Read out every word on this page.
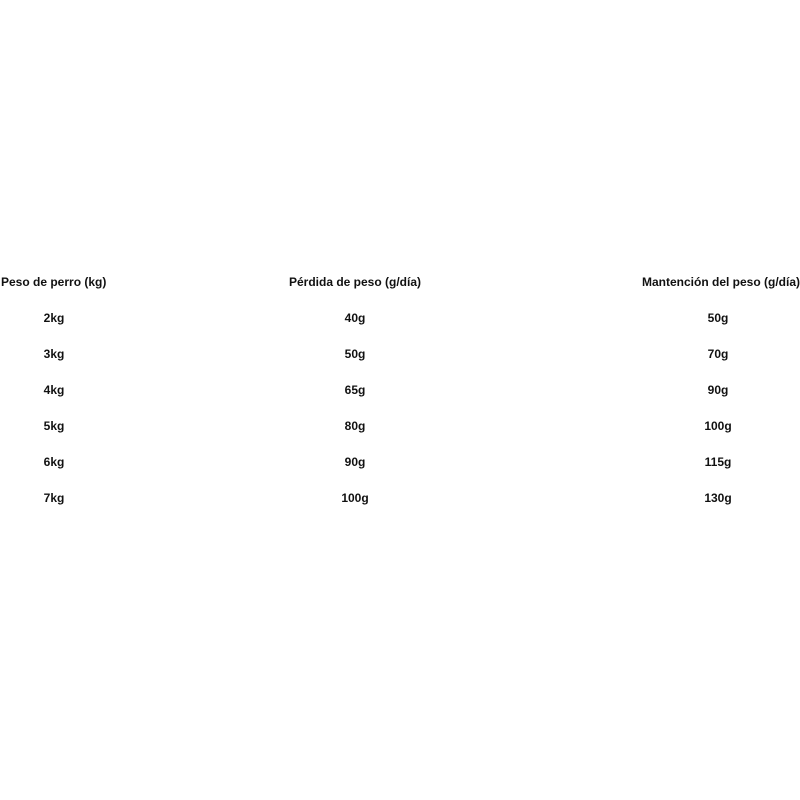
Peso de perro (kg)	Pérdida de peso (g/día)	Mantención del peso (g/día)
2kg	40g	50g
3kg	50g	70g
4kg	65g	90g
5kg	80g	100g
6kg	90g	115g
7kg	100g	130g
